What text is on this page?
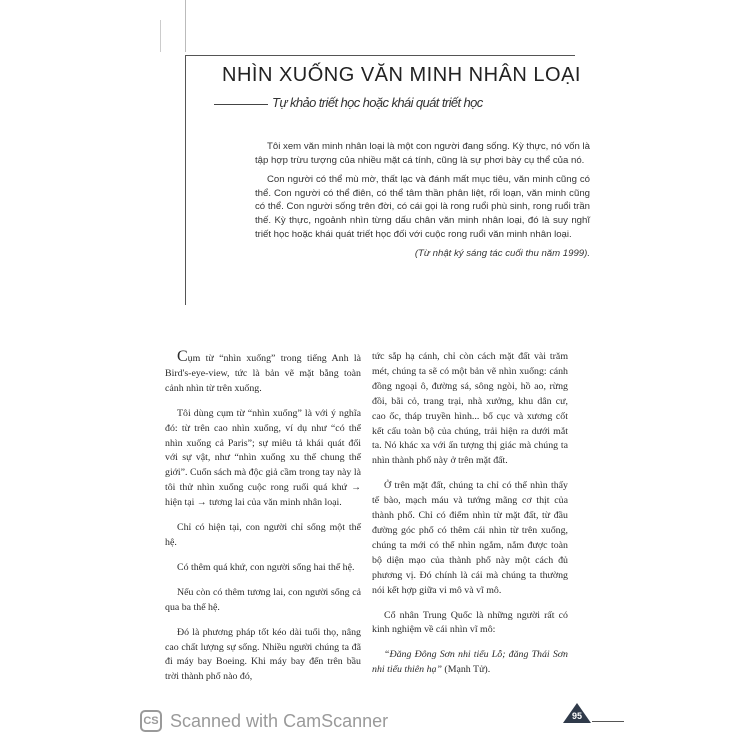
NHÌN XUỐNG VĂN MINH NHÂN LOẠI
Tự khảo triết học hoặc khái quát triết học

Tôi xem văn minh nhân loại là một con người đang sống. Kỳ thực, nó vốn là tập hợp trừu tượng của nhiều mặt cá tính, cũng là sự phơi bày cụ thể của nó.

Con người có thể mù mờ, thất lạc và đánh mất mục tiêu, văn minh cũng có thể. Con người có thể điên, có thể tâm thần phân liệt, rối loạn, văn minh cũng có thể. Con người sống trên đời, có cái gọi là rong ruổi phù sinh, rong ruổi trần thế. Kỳ thực, ngoảnh nhìn từng dấu chân văn minh nhân loại, đó là suy nghĩ triết học hoặc khái quát triết học đối với cuộc rong ruổi văn minh nhân loại.

(Từ nhật ký sáng tác cuối thu năm 1999).

Cụm từ “nhìn xuống” trong tiếng Anh là Bird's-eye-view, tức là bản vẽ mặt bằng toàn cảnh nhìn từ trên xuống.

Tôi dùng cụm từ “nhìn xuống” là với ý nghĩa đó: từ trên cao nhìn xuống, ví dụ như “có thể nhìn xuống cả Paris”; sự miêu tả khái quát đối với sự vật, như “nhìn xuống xu thế chung thế giới”. Cuốn sách mà độc giả cầm trong tay này là tôi thử nhìn xuống cuộc rong ruổi quá khứ → hiện tại → tương lai của văn minh nhân loại.

Chỉ có hiện tại, con người chỉ sống một thế hệ.

Có thêm quá khứ, con người sống hai thế hệ.

Nếu còn có thêm tương lai, con người sống cả qua ba thế hệ.

Đó là phương pháp tốt kéo dài tuổi thọ, nâng cao chất lượng sự sống. Nhiều người chúng ta đã đi máy bay Boeing. Khi máy bay đến trên bầu trời thành phố nào đó,

tức sắp hạ cánh, chỉ còn cách mặt đất vài trăm mét, chúng ta sẽ có một bản vẽ nhìn xuống: cánh đồng ngoại ô, đường sá, sông ngòi, hồ ao, rừng đồi, bãi cỏ, trang trại, nhà xưởng, khu dân cư, cao ốc, tháp truyền hình... bố cục và xương cốt kết cấu toàn bộ của chúng, trải hiện ra dưới mắt ta. Nó khác xa với ấn tượng thị giác mà chúng ta nhìn thành phố này ở trên mặt đất.

Ở trên mặt đất, chúng ta chỉ có thể nhìn thấy tế bào, mạch máu và tướng mãng cơ thịt của thành phố. Chỉ có điểm nhìn từ mặt đất, từ đầu đường góc phố có thêm cái nhìn từ trên xuống, chúng ta mới có thể nhìn ngắm, nắm được toàn bộ diện mạo của thành phố này một cách đủ phương vị. Đó chính là cái mà chúng ta thường nói kết hợp giữa vi mô và vĩ mô.

Cổ nhân Trung Quốc là những người rất có kinh nghiệm về cái nhìn vĩ mô:

“Đăng Đông Sơn nhi tiểu Lỗ; đăng Thái Sơn nhi tiểu thiên hạ” (Mạnh Tử).

CS Scanned with CamScanner	95
